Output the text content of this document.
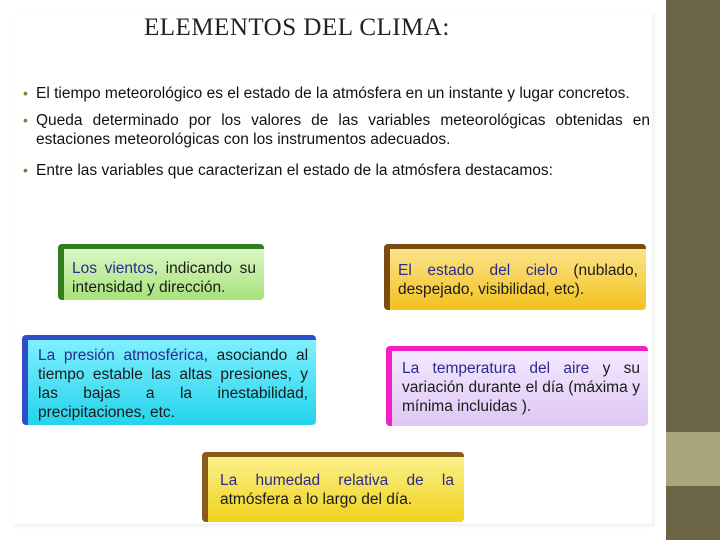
ELEMENTOS DEL CLIMA:
• El tiempo meteorológico es el estado de la atmósfera en un instante y lugar concretos.
• Queda determinado por los valores de las variables meteorológicas obtenidas en estaciones meteorológicas con los instrumentos adecuados.
• Entre las variables que caracterizan el estado de la atmósfera destacamos:
Los vientos, indicando su intensidad y dirección.
El estado del cielo (nublado, despejado, visibilidad, etc).
La presión atmosférica, asociando al tiempo estable las altas presiones, y las bajas a la inestabilidad, precipitaciones, etc.
La temperatura del aire y su variación durante el día (máxima y mínima incluidas ).
La humedad relativa de la atmósfera a lo largo del día.
